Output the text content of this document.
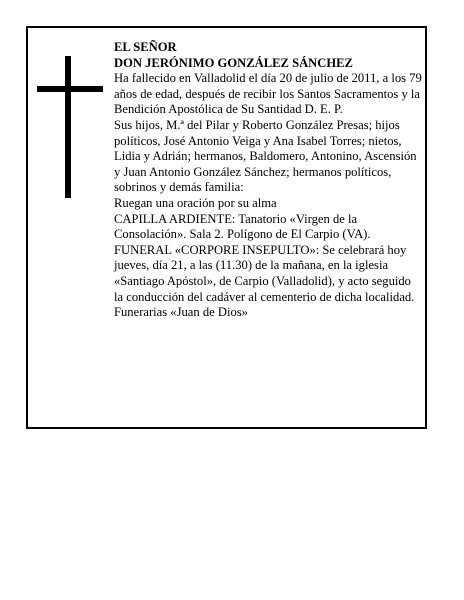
EL SEÑOR

DON JERÓNIMO GONZÁLEZ SÁNCHEZ

Ha fallecido en Valladolid el día 20 de julio de 2011, a los 79 años de edad, después de recibir los Santos Sacramentos y la Bendición Apostólica de Su Santidad D. E. P.

Sus hijos, M.ª del Pilar y Roberto González Presas; hijos políticos, José Antonio Veiga y Ana Isabel Torres; nietos, Lidia y Adrián; hermanos, Baldomero, Antonino, Ascensión y Juan Antonio González Sánchez; hermanos políticos, sobrinos y demás familia:

Ruegan una oración por su alma

CAPILLA ARDIENTE: Tanatorio «Virgen de la Consolación». Sala 2. Polígono de El Carpio (VA).

FUNERAL «CORPORE INSEPULTO»: Se celebrará hoy jueves, día 21, a las (11.30) de la mañana, en la iglesia «Santiago Apóstol», de Carpio (Valladolid), y acto seguido la conducción del cadáver al cementerio de dicha localidad.

Funerarias «Juan de Dios»
